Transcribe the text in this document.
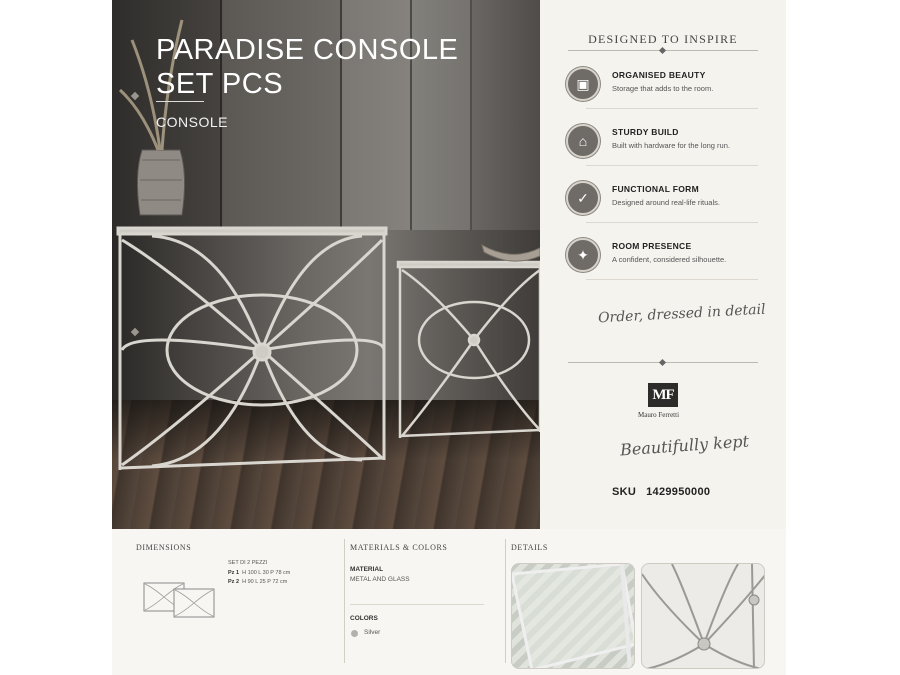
PARADISE CONSOLE SET PCS
CONSOLE
DESIGNED TO INSPIRE
▣
ORGANISED BEAUTY
Storage that adds to the room.
⌂
STURDY BUILD
Built with hardware for the long run.
✓
FUNCTIONAL FORM
Designed around real-life rituals.
✦
ROOM PRESENCE
A confident, considered silhouette.
Order, dressed in detail
MF
Mauro Ferretti
Beautifully kept
SKU 1429950000
DIMENSIONS
SET DI 2 PEZZI
Pz 1 H 100 L 30 P 78 cm
Pz 2 H 90 L 25 P 72 cm
MATERIALS & COLORS
MATERIAL
METAL AND GLASS
COLORS
Silver
DETAILS
